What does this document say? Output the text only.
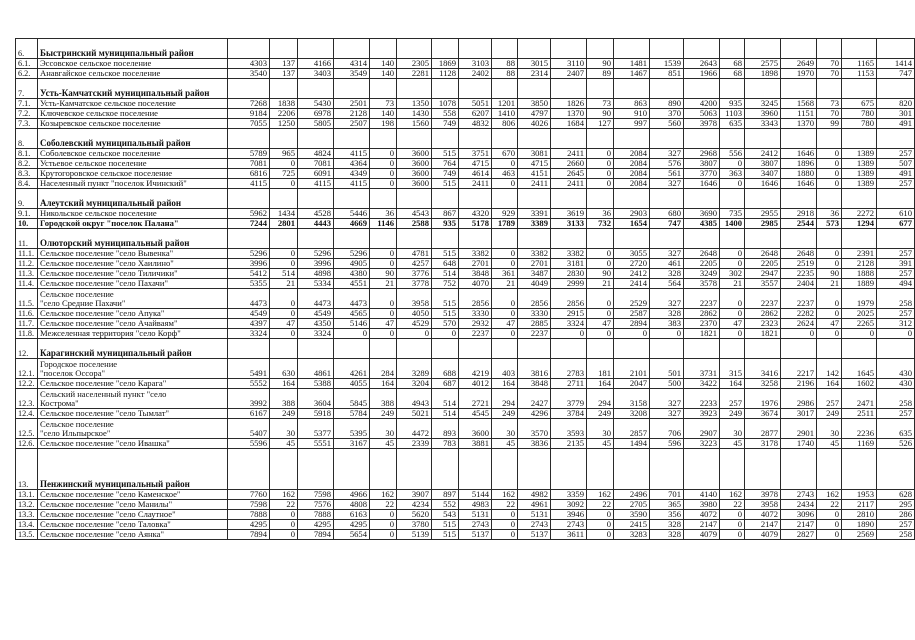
6.	Быстринский муниципальный район																					
6.1.	Эссовское сельское поселение	4303	137	4166	4314	140	2305	1869	3103	88	3015	3110	90	1481	1539	2643	68	2575	2649	70	1165	1414
6.2.	Анавгайское сельское поселение	3540	137	3403	3549	140	2281	1128	2402	88	2314	2407	89	1467	851	1966	68	1898	1970	70	1153	747
7.	Усть-Камчатский муниципальный район																					
7.1.	Усть-Камчатское сельское поселение	7268	1838	5430	2501	73	1350	1078	5051	1201	3850	1826	73	863	890	4200	935	3245	1568	73	675	820
7.2.	Ключевское сельское поселение	9184	2206	6978	2128	140	1430	558	6207	1410	4797	1370	90	910	370	5063	1103	3960	1151	70	780	301
7.3.	Козыревское сельское поселение	7055	1250	5805	2507	198	1560	749	4832	806	4026	1684	127	997	560	3978	635	3343	1370	99	780	491
8.	Соболевский муниципальный район																					
8.1.	Соболевское сельское поселение	5789	965	4824	4115	0	3600	515	3751	670	3081	2411	0	2084	327	2968	556	2412	1646	0	1389	257
8.2.	Устьевое сельское поселение	7081	0	7081	4364	0	3600	764	4715	0	4715	2660	0	2084	576	3807	0	3807	1896	0	1389	507
8.3.	Крутогоровское сельское поселение	6816	725	6091	4349	0	3600	749	4614	463	4151	2645	0	2084	561	3770	363	3407	1880	0	1389	491
8.4.	Населенный пункт "поселок Ичинский"	4115	0	4115	4115	0	3600	515	2411	0	2411	2411	0	2084	327	1646	0	1646	1646	0	1389	257
9.	Алеутский муниципальный район																					
9.1.	Никольское сельское поселение	5962	1434	4528	5446	36	4543	867	4320	929	3391	3619	36	2903	680	3690	735	2955	2918	36	2272	610
10.	Городской округ "поселок Палана"	7244	2801	4443	4669	1146	2588	935	5178	1789	3389	3133	732	1654	747	4385	1400	2985	2544	573	1294	677
11.	Олюторский муниципальный район																					
11.1.	Сельское поселение "село Вывенка"	5296	0	5296	5296	0	4781	515	3382	0	3382	3382	0	3055	327	2648	0	2648	2648	0	2391	257
11.2.	Сельское поселение "село Хаилино"	3996	0	3996	4905	0	4257	648	2701	0	2701	3181	0	2720	461	2205	0	2205	2519	0	2128	391
11.3.	Сельское поселение "село Тиличики"	5412	514	4898	4380	90	3776	514	3848	361	3487	2830	90	2412	328	3249	302	2947	2235	90	1888	257
11.4.	Сельское поселение "село Пахачи"	5355	21	5334	4551	21	3778	752	4070	21	4049	2999	21	2414	564	3578	21	3557	2404	21	1889	494
11.5.	Сельское поселение
"село Средние Пахачи"	4473	0	4473	4473	0	3958	515	2856	0	2856	2856	0	2529	327	2237	0	2237	2237	0	1979	258
11.6.	Сельское поселение "село Апука"	4549	0	4549	4565	0	4050	515	3330	0	3330	2915	0	2587	328	2862	0	2862	2282	0	2025	257
11.7.	Сельское поселение "село Ачайваям"	4397	47	4350	5146	47	4529	570	2932	47	2885	3324	47	2894	383	2370	47	2323	2624	47	2265	312
11.8.	Межселенная территория "село Корф"	3324	0	3324	0	0	0	0	2237	0	2237	0	0	0	0	1821	0	1821	0	0	0	0
12.	Карагинский муниципальный район																					
12.1.	Городское поселение
"поселок Оссора"	5491	630	4861	4261	284	3289	688	4219	403	3816	2783	181	2101	501	3731	315	3416	2217	142	1645	430
12.2.	Сельское поселение "село Карага"	5552	164	5388	4055	164	3204	687	4012	164	3848	2711	164	2047	500	3422	164	3258	2196	164	1602	430
12.3.	Сельский населенный пункт "село
Кострома"	3992	388	3604	5845	388	4943	514	2721	294	2427	3779	294	3158	327	2233	257	1976	2986	257	2471	258
12.4.	Сельское поселение "село Тымлат"	6167	249	5918	5784	249	5021	514	4545	249	4296	3784	249	3208	327	3923	249	3674	3017	249	2511	257
12.5.	Сельское поселение
"село Ильпырское"	5407	30	5377	5395	30	4472	893	3600	30	3570	3593	30	2857	706	2907	30	2877	2901	30	2236	635
12.6.	Сельское поселение "село Ивашка"	5596	45	5551	3167	45	2339	783	3881	45	3836	2135	45	1494	596	3223	45	3178	1740	45	1169	526
13.	Пенжинский муниципальный район																					
13.1.	Сельское поселение "село Каменское"	7760	162	7598	4966	162	3907	897	5144	162	4982	3359	162	2496	701	4140	162	3978	2743	162	1953	628
13.2.	Сельское поселение "село Манилы"	7598	22	7576	4808	22	4234	552	4983	22	4961	3092	22	2705	365	3980	22	3958	2434	22	2117	295
13.3.	Сельское поселение "село Слаутное"	7888	0	7888	6163	0	5620	543	5131	0	5131	3946	0	3590	356	4072	0	4072	3096	0	2810	286
13.4.	Сельское поселение "село Таловка"	4295	0	4295	4295	0	3780	515	2743	0	2743	2743	0	2415	328	2147	0	2147	2147	0	1890	257
13.5.	Сельское поселение "село Аянка"	7894	0	7894	5654	0	5139	515	5137	0	5137	3611	0	3283	328	4079	0	4079	2827	0	2569	258
